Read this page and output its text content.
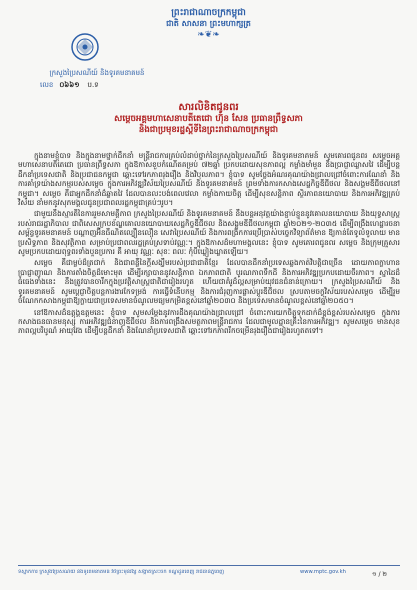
ព្រះរាជាណាចក្រកម្ពុជា
ជាតិ សាសនា ព្រះមហាក្សត្រ
❧❦❧
ក្រសួងប្រៃសណីយ៍ និងទូរគមនាគមន៍
លេខ ០៦៦១ ប.ទ
សារលិខិតជូនពរ
សម្តេចអគ្គមហាសេនាបតីតេជោ ហ៊ុន សែន ប្រធានព្រឹទ្ធសភា
និងជាប្រមុខរដ្ឋស្តីទីនៃព្រះរាជាណាចក្រកម្ពុជា

ក្នុងនាមខ្ញុំបាទ និងក្នុងនាមថ្នាក់ដឹកនាំ មន្ត្រីរាជការគ្រប់លំដាប់ថ្នាក់នៃក្រសួងប្រៃសណីយ៍ និងទូរគមនាគមន៍ សូមគោរពជូនពរ សម្តេចអគ្គមហាសេនាបតីតេជោ ប្រធានព្រឹទ្ធសភា ក្នុងឱកាសខួបកំណើតគម្រប់ ៧២ឆ្នាំ ប្រកបដោយសុខភាពល្អ កម្លាំងមាំមួន និងប្រាជ្ញាឈ្លាសវៃ ដើម្បីបន្តដឹកនាំប្រទេសជាតិ និងប្រជាជនកម្ពុជា ឆ្ពោះទៅរកភាពរុងរឿង និងវិបុលភាព។ ខ្ញុំបាទ សូមថ្លែងអំណរគុណយ៉ាងជ្រាលជ្រៅចំពោះការណែនាំ និងការគាំទ្រយ៉ាងសកម្មរបស់សម្តេច ក្នុងការអភិវឌ្ឍវិស័យប្រៃសណីយ៍ និងទូរគមនាគមន៍ ព្រមទាំងការកសាងសេដ្ឋកិច្ចឌីជីថល និងសង្គមឌីជីថលនៅកម្ពុជា។ សម្តេច គឺជាអ្នកដឹកនាំដ៏ឆ្លាតវៃ ដែលបានលះបង់ពេលវេលា កម្លាំងកាយចិត្ត ដើម្បីសុខសន្តិភាព ស្ថិរភាពនយោបាយ និងការអភិវឌ្ឍគ្រប់វិស័យ នាំមកនូវសុភមង្គលជូនប្រជាពលរដ្ឋកម្ពុជាគ្រប់ៗរូប។

ជាមួយនឹងស្មារតីនៃការរួមសាមគ្គីភាព ក្រសួងប្រៃសណីយ៍ និងទូរគមនាគមន៍ នឹងបន្តអនុវត្តយ៉ាងខ្ជាប់ខ្ជួននូវគោលនយោបាយ និងយុទ្ធសាស្ត្ររបស់រាជរដ្ឋាភិបាល ជាពិសេសក្របខ័ណ្ឌគោលនយោបាយសេដ្ឋកិច្ចឌីជីថល និងសង្គមឌីជីថលកម្ពុជា ឆ្នាំ២០២១-២០៣៥ ដើម្បីពង្រឹងហេដ្ឋារចនាសម្ព័ន្ធទូរគមនាគមន៍ បណ្តាញអ៊ីនធឺណិតល្បឿនលឿន សេវាប្រៃសណីយ៍ និងការពង្រីកការប្រើប្រាស់បច្ចេកវិទ្យាព័ត៌មាន ឱ្យកាន់តែទូលំទូលាយ មានប្រសិទ្ធភាព និងសុវត្ថិភាព សម្រាប់ប្រជាពលរដ្ឋគ្រប់ស្រទាប់វណ្ណៈ។ ក្នុងឱកាសដ៏មហាមង្គលនេះ ខ្ញុំបាទ សូមគោរពជូនពរ សម្តេច និងក្រុមគ្រួសារ សូមប្រកបដោយពុទ្ធពរទាំងបួនប្រការ គឺ អាយុ វណ្ណៈ សុខៈ ពលៈ កុំបីឃ្លៀងឃ្លាតឡើយ។

សម្តេច គឺជាម្លប់ដ៏ត្រជាក់ និងជាពន្លឺនៃក្តីសង្ឃឹមរបស់ប្រជាជាតិខ្មែរ ដែលបានដឹកនាំប្រទេសឆ្លងកាត់វិបត្តិជាច្រើន ដោយភាពក្លាហាន ប្រាជ្ញាញាណ និងការតាំងចិត្តដ៏មោះមុត ដើម្បីរក្សាបាននូវសន្តិភាព ឯកភាពជាតិ បូរណភាពទឹកដី និងការអភិវឌ្ឍប្រកបដោយចីរភាព។ ស្នាដៃដ៏ធំធេងទាំងនេះ នឹងត្រូវបានចារឹកក្នុងប្រវត្តិសាស្ត្រជាតិជារៀងរហូត ហើយជាគំរូដ៏ល្អសម្រាប់យុវជនជំនាន់ក្រោយ។ ក្រសួងប្រៃសណីយ៍ និងទូរគមនាគមន៍ សូមប្តេជ្ញាចិត្តបន្តការងារកែទម្រង់ ការធ្វើទំនើបកម្ម និងការជំរុញការផ្លាស់ប្តូរឌីជីថល ស្របតាមចក្ខុវិស័យរបស់សម្តេច ដើម្បីរួមចំណែកកសាងកម្ពុជាឱ្យក្លាយជាប្រទេសមានចំណូលមធ្យមកម្រិតខ្ពស់នៅឆ្នាំ២០៣០ និងប្រទេសមានចំណូលខ្ពស់នៅឆ្នាំ២០៥០។

នៅឱកាសដ៏ឧត្តុង្គឧត្តមនេះ ខ្ញុំបាទ សូមសម្តែងនូវការដឹងគុណយ៉ាងជ្រាលជ្រៅ ចំពោះការយកចិត្តទុកដាក់ដ៏ខ្ពង់ខ្ពស់របស់សម្តេច ក្នុងការកសាងធនធានមនុស្ស ការអភិវឌ្ឍជំនាញឌីជីថល និងការពង្រឹងសមត្ថភាពមន្ត្រីរាជការ ដែលជាមូលដ្ឋានគ្រឹះនៃការអភិវឌ្ឍ។ សូមសម្តេច មានសុខភាពល្អបរិបូណ៌ អាយុវែង ដើម្បីបន្តដឹកនាំ និងណែនាំប្រទេសជាតិ ឆ្ពោះទៅរកភាពរីកចម្រើនរុងរឿងជារៀងរហូតតទៅ។

ទីស្នាក់ការ ក្រសួងប្រៃសណីយ៍ និងទូរគមនាគមន៍ វិថីព្រះមុនីវង្ស សង្កាត់ស្រះចក ខណ្ឌដូនពេញ រាជធានីភ្នំពេញ	www.mptc.gov.kh	១ / ២
